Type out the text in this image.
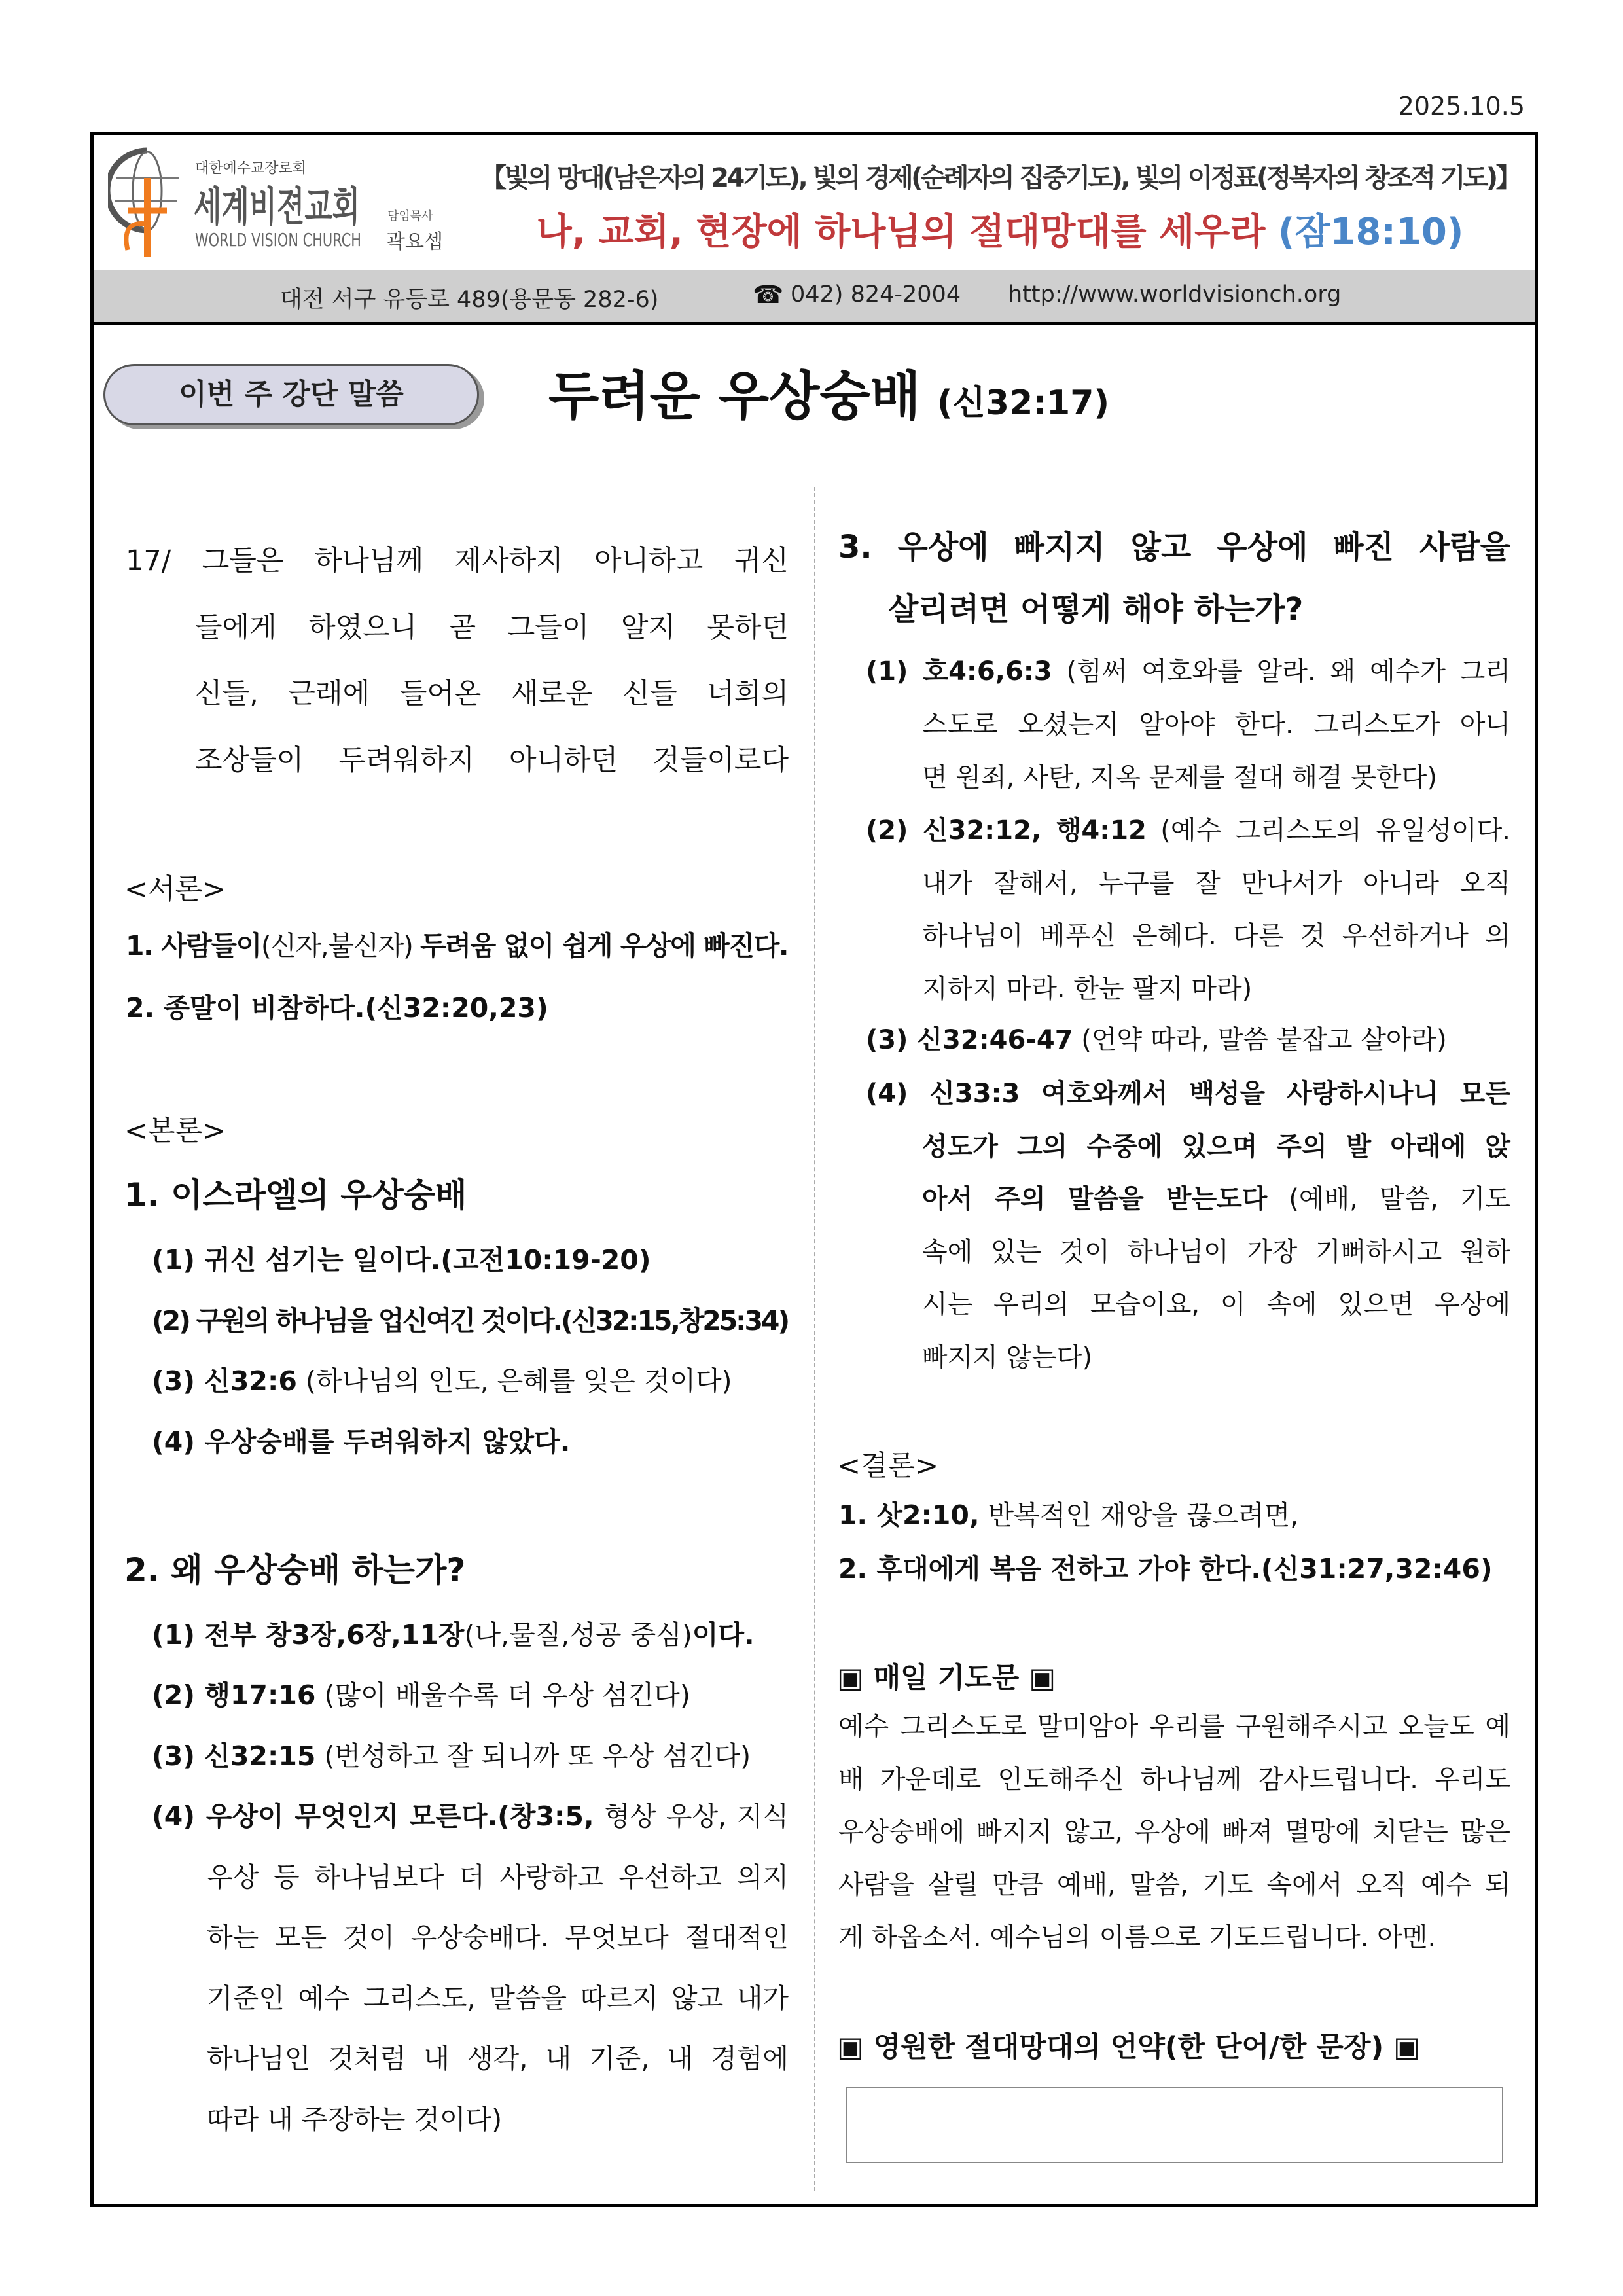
2025.10.5
대한예수교장로회
세계비젼교회
WORLD VISION CHURCH
담임목사
곽요셉
【빛의 망대(남은자의 24기도), 빛의 경제(순례자의 집중기도), 빛의 이정표(정복자의 창조적 기도)】
나, 교회, 현장에 하나님의 절대망대를 세우라 (잠18:10)
대전 서구 유등로 489(용문동 282-6)	☎ 042) 824-2004 http://www.worldvisionch.org
이번 주 강단 말씀	두려운 우상숭배 (신32:17)
<서론>
<본론>
1. 이스라엘의 우상숭배
2. 왜 우상숭배 하는가?
<결론>
▣ 매일 기도문 ▣
▣ 영원한 절대망대의 언약(한 단어/한 문장) ▣
17/ 그들은 하나님께 제사하지 아니하고 귀신
들에게 하였으니 곧 그들이 알지 못하던
신들, 근래에 들어온 새로운 신들 너희의
조상들이 두려워하지 아니하던 것들이로다
1. 사람들이(신자,불신자) 두려움 없이 쉽게 우상에 빠진다.
2. 종말이 비참하다.(신32:20,23)
(1) 귀신 섬기는 일이다.(고전10:19-20)
(2) 구원의 하나님을 업신여긴 것이다.(신32:15,창25:34)
(3) 신32:6 (하나님의 인도, 은혜를 잊은 것이다)
(4) 우상숭배를 두려워하지 않았다.
(1) 전부 창3장,6장,11장(나,물질,성공 중심)이다.
(2) 행17:16 (많이 배울수록 더 우상 섬긴다)
(3) 신32:15 (번성하고 잘 되니까 또 우상 섬긴다)
(4) 우상이 무엇인지 모른다.(창3:5, 형상 우상, 지식
우상 등 하나님보다 더 사랑하고 우선하고 의지
하는 모든 것이 우상숭배다. 무엇보다 절대적인
기준인 예수 그리스도, 말씀을 따르지 않고 내가
하나님인 것처럼 내 생각, 내 기준, 내 경험에
따라 내 주장하는 것이다)
3. 우상에 빠지지 않고 우상에 빠진 사람을
살리려면 어떻게 해야 하는가?
(1) 호4:6,6:3 (힘써 여호와를 알라. 왜 예수가 그리
스도로 오셨는지 알아야 한다. 그리스도가 아니
면 원죄, 사탄, 지옥 문제를 절대 해결 못한다)
(2) 신32:12, 행4:12 (예수 그리스도의 유일성이다.
내가 잘해서, 누구를 잘 만나서가 아니라 오직
하나님이 베푸신 은혜다. 다른 것 우선하거나 의
지하지 마라. 한눈 팔지 마라)
(3) 신32:46-47 (언약 따라, 말씀 붙잡고 살아라)
(4) 신33:3 여호와께서 백성을 사랑하시나니 모든
성도가 그의 수중에 있으며 주의 발 아래에 앉
아서 주의 말씀을 받는도다 (예배, 말씀, 기도
속에 있는 것이 하나님이 가장 기뻐하시고 원하
시는 우리의 모습이요, 이 속에 있으면 우상에
빠지지 않는다)
1. 삿2:10, 반복적인 재앙을 끊으려면,
2. 후대에게 복음 전하고 가야 한다.(신31:27,32:46)
예수 그리스도로 말미암아 우리를 구원해주시고 오늘도 예
배 가운데로 인도해주신 하나님께 감사드립니다. 우리도
우상숭배에 빠지지 않고, 우상에 빠져 멸망에 치닫는 많은
사람을 살릴 만큼 예배, 말씀, 기도 속에서 오직 예수 되
게 하옵소서. 예수님의 이름으로 기도드립니다. 아멘.
